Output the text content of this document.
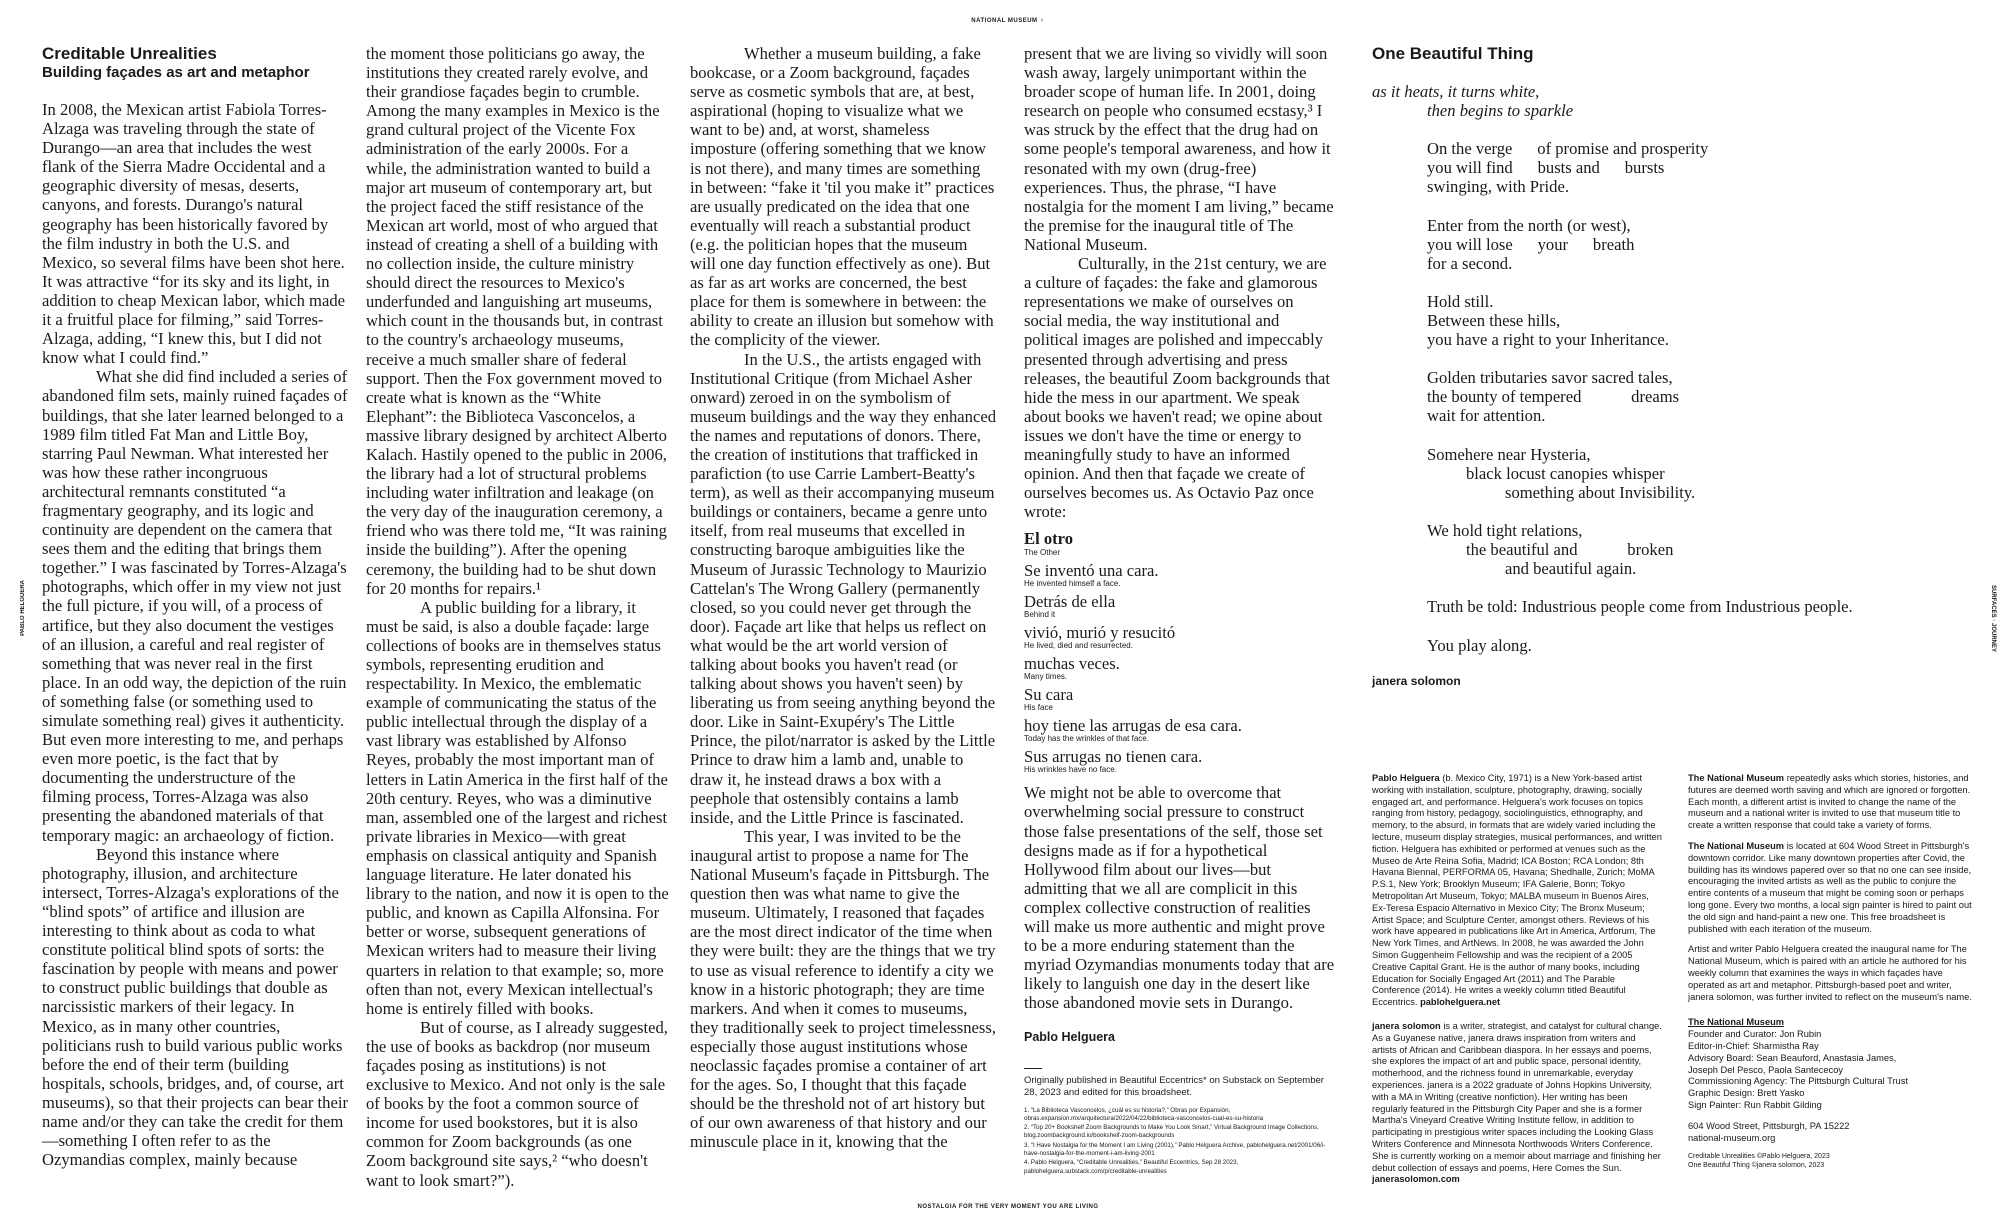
NATIONAL MUSEUM ♀
NOSTALGIA FOR THE VERY MOMENT YOU ARE LIVING
PABLO HELGUERA	SURFACES · JOURNEY
Creditable Unrealities
Building façades as art and metaphor

In 2008, the Mexican artist Fabiola Torres-Alzaga was traveling through the state of Durango—an area that includes the west flank of the Sierra Madre Occidental and a geographic diversity of mesas, deserts, canyons, and forests. Durango's natural geography has been historically favored by the film industry in both the U.S. and Mexico, so several films have been shot here. It was attractive “for its sky and its light, in addition to cheap Mexican labor, which made it a fruitful place for filming,” said Torres-Alzaga, adding, “I knew this, but I did not know what I could find.”

What she did find included a series of abandoned film sets, mainly ruined façades of buildings, that she later learned belonged to a 1989 film titled Fat Man and Little Boy, starring Paul Newman. What interested her was how these rather incongruous architectural remnants constituted “a fragmentary geography, and its logic and continuity are dependent on the camera that sees them and the editing that brings them together.” I was fascinated by Torres-Alzaga's photographs, which offer in my view not just the full picture, if you will, of a process of artifice, but they also document the vestiges of an illusion, a careful and real register of something that was never real in the first place. In an odd way, the depiction of the ruin of something false (or something used to simulate something real) gives it authenticity. But even more interesting to me, and perhaps even more poetic, is the fact that by documenting the understructure of the filming process, Torres-Alzaga was also presenting the abandoned materials of that temporary magic: an archaeology of fiction.

Beyond this instance where photography, illusion, and architecture intersect, Torres-Alzaga's explorations of the “blind spots” of artifice and illusion are interesting to think about as coda to what constitute political blind spots of sorts: the fascination by people with means and power to construct public buildings that double as narcissistic markers of their legacy. In Mexico, as in many other countries, politicians rush to build various public works before the end of their term (building hospitals, schools, bridges, and, of course, art museums), so that their projects can bear their name and/or they can take the credit for them—something I often refer to as the Ozymandias complex, mainly because

the moment those politicians go away, the institutions they created rarely evolve, and their grandiose façades begin to crumble. Among the many examples in Mexico is the grand cultural project of the Vicente Fox administration of the early 2000s. For a while, the administration wanted to build a major art museum of contemporary art, but the project faced the stiff resistance of the Mexican art world, most of who argued that instead of creating a shell of a building with no collection inside, the culture ministry should direct the resources to Mexico's underfunded and languishing art museums, which count in the thousands but, in contrast to the country's archaeology museums, receive a much smaller share of federal support. Then the Fox government moved to create what is known as the “White Elephant”: the Biblioteca Vasconcelos, a massive library designed by architect Alberto Kalach. Hastily opened to the public in 2006, the library had a lot of structural problems including water infiltration and leakage (on the very day of the inauguration ceremony, a friend who was there told me, “It was raining inside the building”). After the opening ceremony, the building had to be shut down for 20 months for repairs.¹

A public building for a library, it must be said, is also a double façade: large collections of books are in themselves status symbols, representing erudition and respectability. In Mexico, the emblematic example of communicating the status of the public intellectual through the display of a vast library was established by Alfonso Reyes, probably the most important man of letters in Latin America in the first half of the 20th century. Reyes, who was a diminutive man, assembled one of the largest and richest private libraries in Mexico—with great emphasis on classical antiquity and Spanish language literature. He later donated his library to the nation, and now it is open to the public, and known as Capilla Alfonsina. For better or worse, subsequent generations of Mexican writers had to measure their living quarters in relation to that example; so, more often than not, every Mexican intellectual's home is entirely filled with books.

But of course, as I already suggested, the use of books as backdrop (nor museum façades posing as institutions) is not exclusive to Mexico. And not only is the sale of books by the foot a common source of income for used bookstores, but it is also common for Zoom backgrounds (as one Zoom background site says,² “who doesn't want to look smart?”).

Whether a museum building, a fake bookcase, or a Zoom background, façades serve as cosmetic symbols that are, at best, aspirational (hoping to visualize what we want to be) and, at worst, shameless imposture (offering something that we know is not there), and many times are something in between: “fake it 'til you make it” practices are usually predicated on the idea that one eventually will reach a substantial product (e.g. the politician hopes that the museum will one day function effectively as one). But as far as art works are concerned, the best place for them is somewhere in between: the ability to create an illusion but somehow with the complicity of the viewer.

In the U.S., the artists engaged with Institutional Critique (from Michael Asher onward) zeroed in on the symbolism of museum buildings and the way they enhanced the names and reputations of donors. There, the creation of institutions that trafficked in parafiction (to use Carrie Lambert-Beatty's term), as well as their accompanying museum buildings or containers, became a genre unto itself, from real museums that excelled in constructing baroque ambiguities like the Museum of Jurassic Technology to Maurizio Cattelan's The Wrong Gallery (permanently closed, so you could never get through the door). Façade art like that helps us reflect on what would be the art world version of talking about books you haven't read (or talking about shows you haven't seen) by liberating us from seeing anything beyond the door. Like in Saint-Exupéry's The Little Prince, the pilot/narrator is asked by the Little Prince to draw him a lamb and, unable to draw it, he instead draws a box with a peephole that ostensibly contains a lamb inside, and the Little Prince is fascinated.

This year, I was invited to be the inaugural artist to propose a name for The National Museum's façade in Pittsburgh. The question then was what name to give the museum. Ultimately, I reasoned that façades are the most direct indicator of the time when they were built: they are the things that we try to use as visual reference to identify a city we know in a historic photograph; they are time markers. And when it comes to museums, they traditionally seek to project timelessness, especially those august institutions whose neoclassic façades promise a container of art for the ages. So, I thought that this façade should be the threshold not of art history but of our own awareness of that history and our minuscule place in it, knowing that the

present that we are living so vividly will soon wash away, largely unimportant within the broader scope of human life. In 2001, doing research on people who consumed ecstasy,³ I was struck by the effect that the drug had on some people's temporal awareness, and how it resonated with my own (drug-free) experiences. Thus, the phrase, “I have nostalgia for the moment I am living,” became the premise for the inaugural title of The National Museum.

Culturally, in the 21st century, we are a culture of façades: the fake and glamorous representations we make of ourselves on social media, the way institutional and political images are polished and impeccably presented through advertising and press releases, the beautiful Zoom backgrounds that hide the mess in our apartment. We speak about books we haven't read; we opine about issues we don't have the time or energy to meaningfully study to have an informed opinion. And then that façade we create of ourselves becomes us. As Octavio Paz once wrote:

El otro
The Other
Se inventó una cara.
He invented himself a face.
Detrás de ella
Behind it
vivió, murió y resucitó
He lived, died and resurrected.
muchas veces.
Many times.
Su cara
His face
hoy tiene las arrugas de esa cara.
Today has the wrinkles of that face.
Sus arrugas no tienen cara.
His wrinkles have no face.

We might not be able to overcome that overwhelming social pressure to construct those false presentations of the self, those set designs made as if for a hypothetical Hollywood film about our lives—but admitting that we all are complicit in this complex collective construction of realities will make us more authentic and might prove to be a more enduring statement than the myriad Ozymandias monuments today that are likely to languish one day in the desert like those abandoned movie sets in Durango.

Pablo Helguera
Originally published in Beautiful Eccentrics* on Substack on September 28, 2023 and edited for this broadsheet.
1. “La Biblioteca Vasconcelos, ¿cuál es su historia?,” Obras por Expansión, obras.expansion.mx/arquitectura/2022/04/22/biblioteca-vasconcelos-cual-es-su-historia
2. “Top 20+ Bookshelf Zoom Backgrounds to Make You Look Smart,” Virtual Background Image Collections, blog.zoombackground.io/bookshelf-zoom-backgrounds
3. “I Have Nostalgia for the Moment I am Living (2001),” Pablo Helguera Archive, pablohelguera.net/2001/06/i-have-nostalgia-for-the-moment-i-am-living-2001
4. Pablo Helguera, “Creditable Unrealities,” Beautiful Eccentrics, Sep 28 2023, pablohelguera.substack.com/p/creditable-unrealities
One Beautiful Thing
as it heats, it turns white,
then begins to sparkle
On the verge      of promise and prosperity
you will find      busts and      bursts
swinging, with Pride.
Enter from the north (or west),
you will lose      your      breath
for a second.
Hold still.
Between these hills,
you have a right to your Inheritance.
Golden tributaries savor sacred tales,
the bounty of tempered            dreams
wait for attention.
Somehere near Hysteria,
black locust canopies whisper
something about Invisibility.
We hold tight relations,
the beautiful and            broken
and beautiful again.
Truth be told: Industrious people come from Industrious people.
You play along.
janera solomon
Pablo Helguera (b. Mexico City, 1971) is a New York-based artist working with installation, sculpture, photography, drawing, socially engaged art, and performance. Helguera's work focuses on topics ranging from history, pedagogy, sociolinguistics, ethnography, and memory, to the absurd, in formats that are widely varied including the lecture, museum display strategies, musical performances, and written fiction. Helguera has exhibited or performed at venues such as the Museo de Arte Reina Sofia, Madrid; ICA Boston; RCA London; 8th Havana Biennal, PERFORMA 05, Havana; Shedhalle, Zurich; MoMA P.S.1, New York; Brooklyn Museum; IFA Galerie, Bonn; Tokyo Metropolitan Art Museum, Tokyo; MALBA museum in Buenos Aires, Ex-Teresa Espacio Alternativo in Mexico City; The Bronx Museum; Artist Space; and Sculpture Center, amongst others. Reviews of his work have appeared in publications like Art in America, Artforum, The New York Times, and ArtNews. In 2008, he was awarded the John Simon Guggenheim Fellowship and was the recipient of a 2005 Creative Capital Grant. He is the author of many books, including Education for Socially Engaged Art (2011) and The Parable Conference (2014). He writes a weekly column titled Beautiful Eccentrics. pablohelguera.net
janera solomon is a writer, strategist, and catalyst for cultural change. As a Guyanese native, janera draws inspiration from writers and artists of African and Caribbean diaspora. In her essays and poems, she explores the impact of art and public space, personal identity, motherhood, and the richness found in unremarkable, everyday experiences. janera is a 2022 graduate of Johns Hopkins University, with a MA in Writing (creative nonfiction). Her writing has been regularly featured in the Pittsburgh City Paper and she is a former Martha's Vineyard Creative Writing Institute fellow, in addition to participating in prestigious writer spaces including the Looking Glass Writers Conference and Minnesota Northwoods Writers Conference. She is currently working on a memoir about marriage and finishing her debut collection of essays and poems, Here Comes the Sun. janerasolomon.com
The National Museum repeatedly asks which stories, histories, and futures are deemed worth saving and which are ignored or forgotten. Each month, a different artist is invited to change the name of the museum and a national writer is invited to use that museum title to create a written response that could take a variety of forms.
The National Museum is located at 604 Wood Street in Pittsburgh's downtown corridor. Like many downtown properties after Covid, the building has its windows papered over so that no one can see inside, encouraging the invited artists as well as the public to conjure the entire contents of a museum that might be coming soon or perhaps long gone. Every two months, a local sign painter is hired to paint out the old sign and hand-paint a new one. This free broadsheet is published with each iteration of the museum.
Artist and writer Pablo Helguera created the inaugural name for The National Museum, which is paired with an article he authored for his weekly column that examines the ways in which façades have operated as art and metaphor. Pittsburgh-based poet and writer, janera solomon, was further invited to reflect on the museum's name.
The National Museum

Founder and Curator: Jon Rubin

Editor-in-Chief: Sharmistha Ray

Advisory Board: Sean Beauford, Anastasia James,

Joseph Del Pesco, Paola Santececoy

Commissioning Agency: The Pittsburgh Cultural Trust

Graphic Design: Brett Yasko

Sign Painter: Run Rabbit Gilding

604 Wood Street, Pittsburgh, PA 15222

national-museum.org

Creditable Unrealities ©Pablo Helguera, 2023

One Beautiful Thing ©janera solomon, 2023
